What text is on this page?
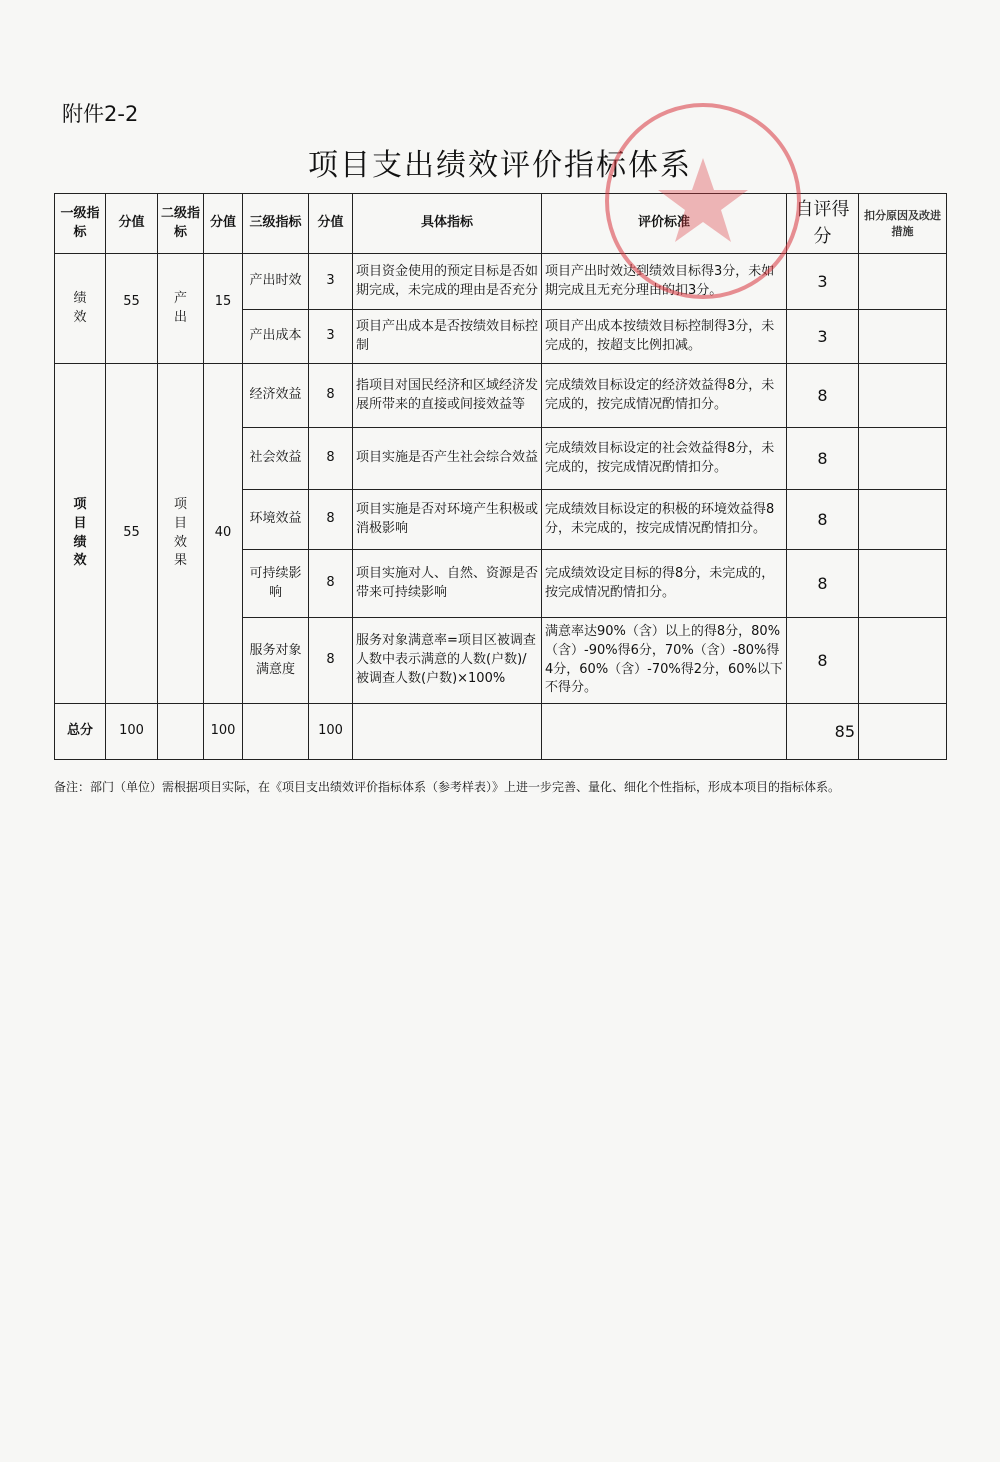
附件2-2
项目支出绩效评价指标体系
一级指标	分值	二级指标	分值	三级指标	分值	具体指标	评价标准	自评得分	扣分原因及改进措施
绩效	55	产出	15	产出时效	3	项目资金使用的预定目标是否如期完成，未完成的理由是否充分	项目产出时效达到绩效目标得3分，未如期完成且无充分理由的扣3分。	3	
				产出成本	3	项目产出成本是否按绩效目标控制	项目产出成本按绩效目标控制得3分，未完成的，按超支比例扣减。	3	
项目绩效	55	项目效果	40	经济效益	8	指项目对国民经济和区域经济发展所带来的直接或间接效益等	完成绩效目标设定的经济效益得8分，未完成的，按完成情况酌情扣分。	8	
				社会效益	8	项目实施是否产生社会综合效益	完成绩效目标设定的社会效益得8分，未完成的，按完成情况酌情扣分。	8	
				环境效益	8	项目实施是否对环境产生积极或消极影响	完成绩效目标设定的积极的环境效益得8分，未完成的，按完成情况酌情扣分。	8	
				可持续影响	8	项目实施对人、自然、资源是否带来可持续影响	完成绩效设定目标的得8分，未完成的，按完成情况酌情扣分。	8	
				服务对象满意度	8	服务对象满意率=项目区被调查人数中表示满意的人数(户数)/ 被调查人数(户数)×100%	满意率达90%（含）以上的得8分，80%（含）-90%得6分，70%（含）-80%得4分，60%（含）-70%得2分，60%以下不得分。	8	
总分	100		100		100			85	
备注：部门（单位）需根据项目实际，在《项目支出绩效评价指标体系（参考样表）》上进一步完善、量化、细化个性指标，形成本项目的指标体系。
